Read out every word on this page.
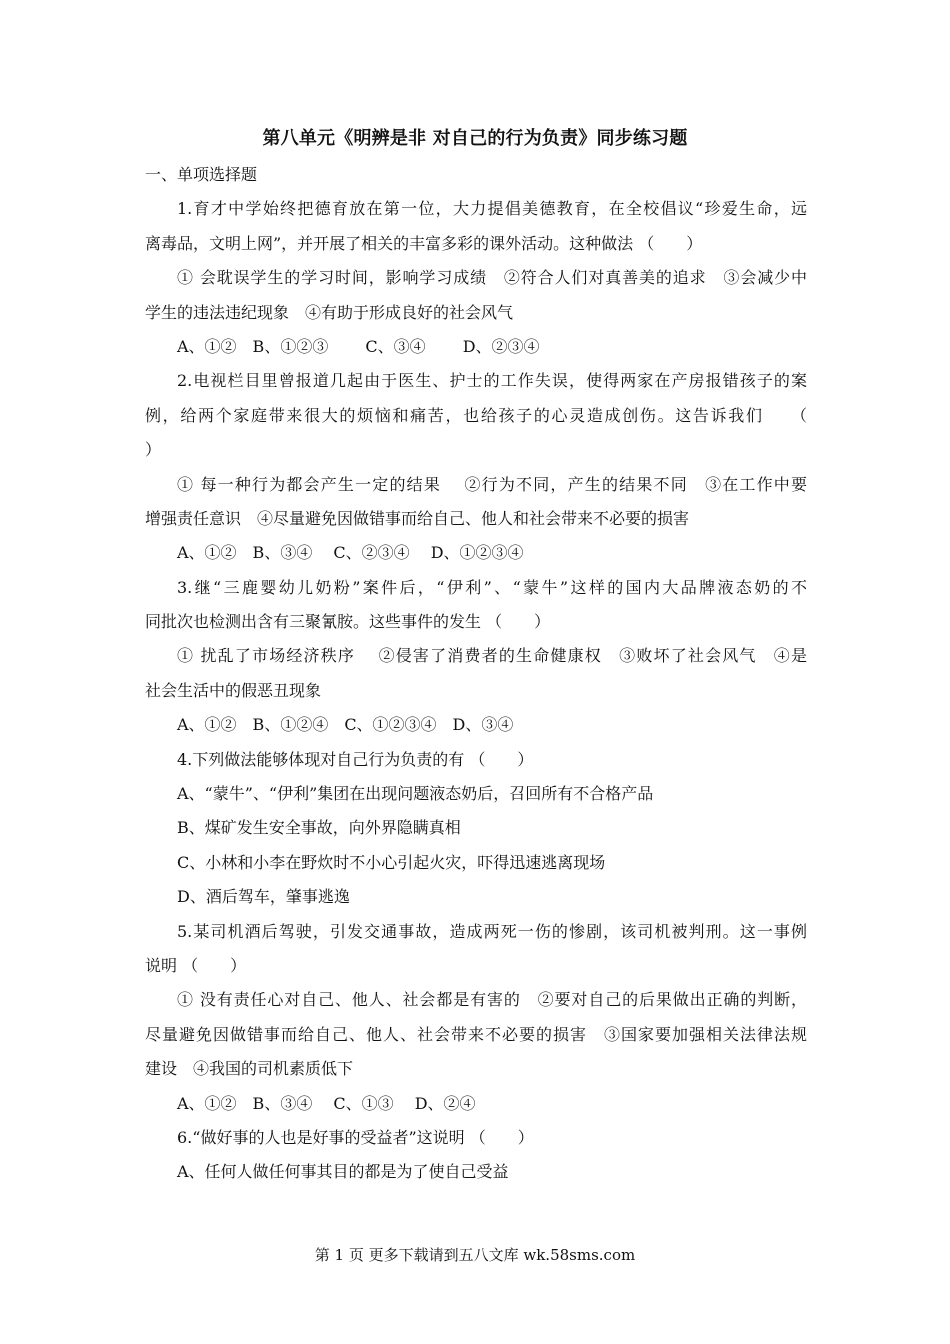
第八单元《明辨是非 对自己的行为负责》同步练习题
一、单项选择题
1.育才中学始终把德育放在第一位，大力提倡美德教育，在全校倡议“珍爱生命，远
离毒品，文明上网”，并开展了相关的丰富多彩的课外活动。这种做法 （　　）
① 会耽误学生的学习时间，影响学习成绩　②符合人们对真善美的追求　③会减少中
学生的违法违纪现象　④有助于形成良好的社会风气
A、①②　B、①②③　　 C、③④　　 D、②③④
2.电视栏目里曾报道几起由于医生、护士的工作失误，使得两家在产房报错孩子的案
例，给两个家庭带来很大的烦恼和痛苦，也给孩子的心灵造成创伤。这告诉我们　　（
）
① 每一种行为都会产生一定的结果　 ②行为不同，产生的结果不同　③在工作中要
增强责任意识　④尽量避免因做错事而给自己、他人和社会带来不必要的损害
A、①②　B、③④　 C、②③④　 D、①②③④
3.继“三鹿婴幼儿奶粉”案件后，“伊利”、“蒙牛”这样的国内大品牌液态奶的不
同批次也检测出含有三聚氰胺。这些事件的发生 （　　）
① 扰乱了市场经济秩序　 ②侵害了消费者的生命健康权　③败坏了社会风气　④是
社会生活中的假恶丑现象
A、①②　B、①②④　C、①②③④　D、③④
4.下列做法能够体现对自己行为负责的有 （　　）
A、“蒙牛”、“伊利”集团在出现问题液态奶后，召回所有不合格产品
B、煤矿发生安全事故，向外界隐瞒真相
C、小林和小李在野炊时不小心引起火灾，吓得迅速逃离现场
D、酒后驾车，肇事逃逸
5.某司机酒后驾驶，引发交通事故，造成两死一伤的惨剧，该司机被判刑。这一事例
说明 （　　）
① 没有责任心对自己、他人、社会都是有害的　②要对自己的后果做出正确的判断，
尽量避免因做错事而给自己、他人、社会带来不必要的损害　③国家要加强相关法律法规
建设　④我国的司机素质低下
A、①②　B、③④　 C、①③　 D、②④
6.“做好事的人也是好事的受益者”这说明 （　　）
A、任何人做任何事其目的都是为了使自己受益
第 1 页 更多下载请到五八文库 wk.58sms.com
